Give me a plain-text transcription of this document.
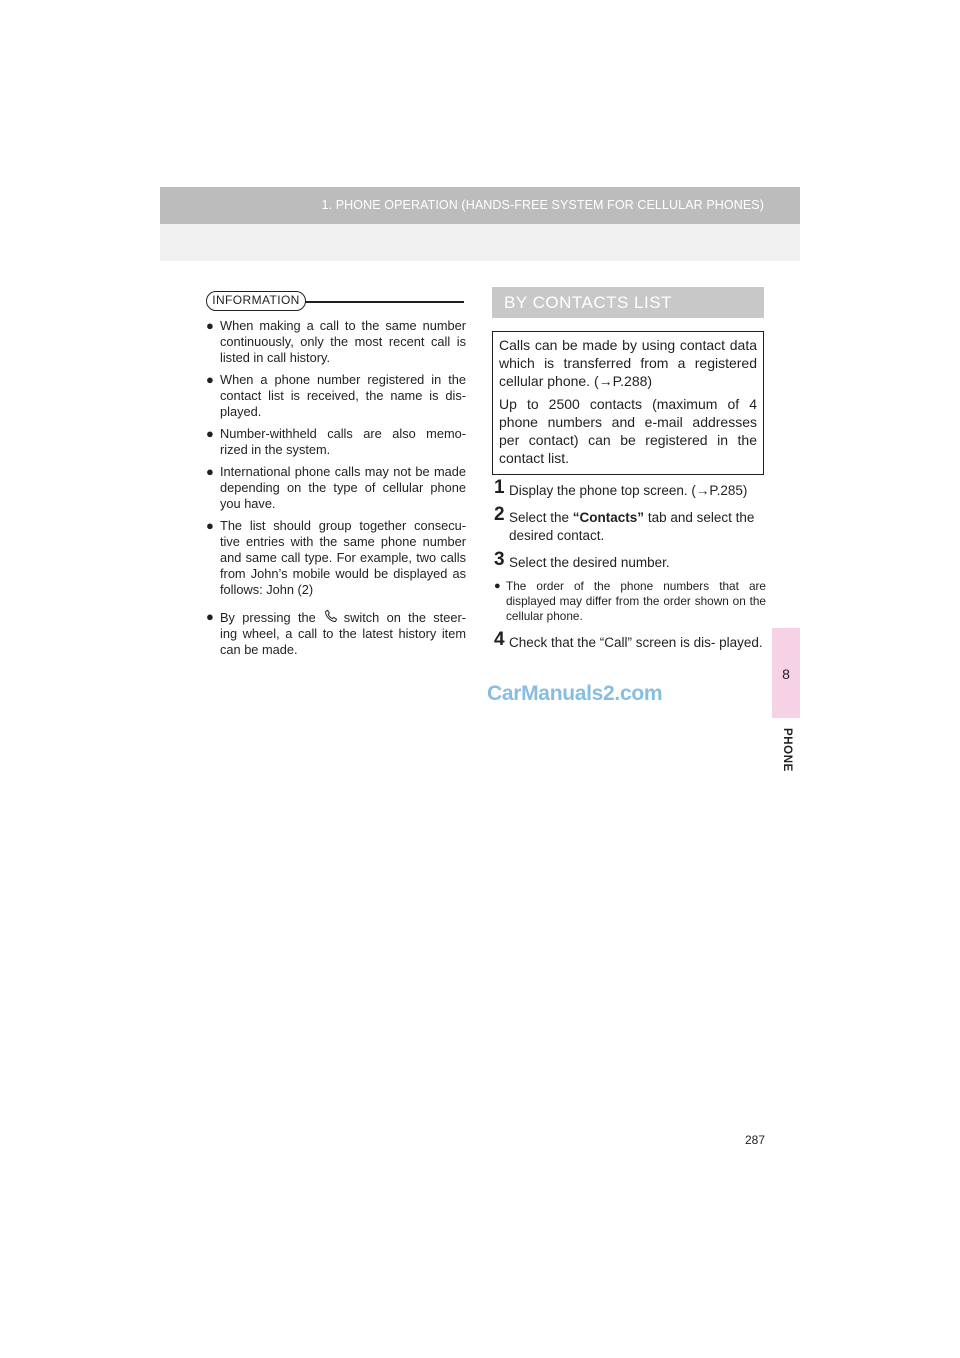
1. PHONE OPERATION (HANDS-FREE SYSTEM FOR CELLULAR PHONES)
8
PHONE
INFORMATION
● When making a call to the same number continuously, only the most recent call is listed in call history.
● When a phone number registered in the contact list is received, the name is dis- played.
● Number-withheld calls are also memo- rized in the system.
● International phone calls may not be made depending on the type of cellular phone you have.
● The list should group together consecu- tive entries with the same phone number and same call type. For example, two calls from John’s mobile would be displayed as follows: John (2)
● By pressing the switch on the steer- ing wheel, a call to the latest history item can be made.
BY CONTACTS LIST

Calls can be made by using contact data which is transferred from a registered cellular phone. (→P.288)

Up to 2500 contacts (maximum of 4 phone numbers and e-mail addresses per contact) can be registered in the contact list.

1 Display the phone top screen. (→P.285)
2 Select the “Contacts” tab and select the desired contact.
3 Select the desired number.
● The order of the phone numbers that are displayed may differ from the order shown on the cellular phone.
4 Check that the “Call” screen is dis- played.
CarManuals2.com
287
